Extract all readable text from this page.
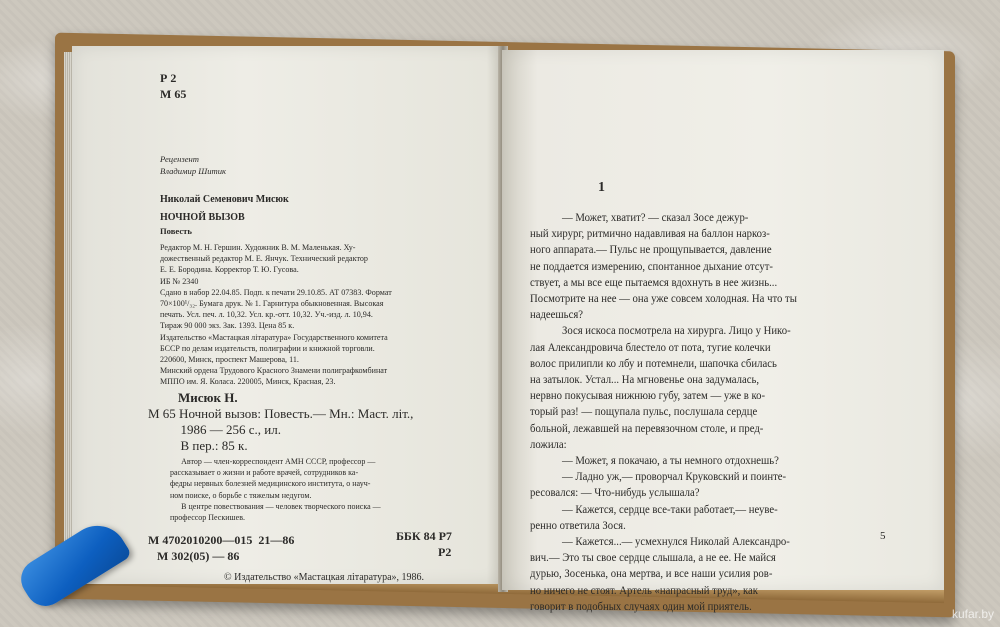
Р 2
М 65
Рецензент
Владимир Шитик
Николай Семенович Мисюк
НОЧНОЙ ВЫЗОВ
Повесть
Редактор М. Н. Гершин. Художник В. М. Маленькая. Ху-
дожественный редактор М. Е. Янчук. Технический редактор
Е. Е. Бородина. Корректор Т. Ю. Гусова.
ИБ № 2340
Сдано в набор 22.04.85. Подп. к печати 29.10.85. АТ 07383. Формат
70×100¹/₃₂. Бумага друк. № 1. Гарнитура обыкновенная. Высокая
печать. Усл. печ. л. 10,32. Усл. кр.-отт. 10,32. Уч.-изд. л. 10,94.
Тираж 90 000 экз. Зак. 1393. Цена 85 к.
Издательство «Мастацкая літаратура» Государственного комитета
БССР по делам издательств, полиграфии и книжной торговли.
220600, Минск, проспект Машерова, 11.
Минский ордена Трудового Красного Знамени полиграфкомбинат
МППО им. Я. Коласа. 220005, Минск, Красная, 23.
Мисюк Н.
М 65 Ночной вызов: Повесть.— Мн.: Маст. літ.,
1986 — 256 с., ил.
В пер.: 85 к.
Автор — член-корреспондент АМН СССР, профессор —
рассказывает о жизни и работе врачей, сотрудников ка-
федры нервных болезней медицинского института, о науч-
ном поиске, о борьбе с тяжелым недугом.
В центре повествования — человек творческого поиска —
профессор Пескишев.
М 4702010200—015  21—86
М 302(05) — 86
ББК 84 Р7
Р2
© Издательство «Мастацкая літаратура», 1986.
1
— Может, хватит? — сказал Зосе дежур-
ный хирург, ритмично надавливая на баллон наркоз-
ного аппарата.— Пульс не прощупывается, давление
не поддается измерению, спонтанное дыхание отсут-
ствует, а мы все еще пытаемся вдохнуть в нее жизнь...
Посмотрите на нее — она уже совсем холодная. На что ты
надеешься?
Зося искоса посмотрела на хирурга. Лицо у Нико-
лая Александровича блестело от пота, тугие колечки
волос прилипли ко лбу и потемнели, шапочка сбилась
на затылок. Устал... На мгновенье она задумалась,
нервно покусывая нижнюю губу, затем — уже в ко-
торый раз! — пощупала пульс, послушала сердце
больной, лежавшей на перевязочном столе, и пред-
ложила:
— Может, я покачаю, а ты немного отдохнешь?
— Ладно уж,— проворчал Круковский и поинте-
ресовался: — Что-нибудь услышала?
— Кажется, сердце все-таки работает,— неуве-
ренно ответила Зося.
— Кажется...— усмехнулся Николай Александро-
вич.— Это ты свое сердце слышала, а не ее. Не майся
дурью, Зосенька, она мертва, и все наши усилия ров-
но ничего не стоят. Артель «напрасный труд», как
говорит в подобных случаях один мой приятель.
5
kufar.by
